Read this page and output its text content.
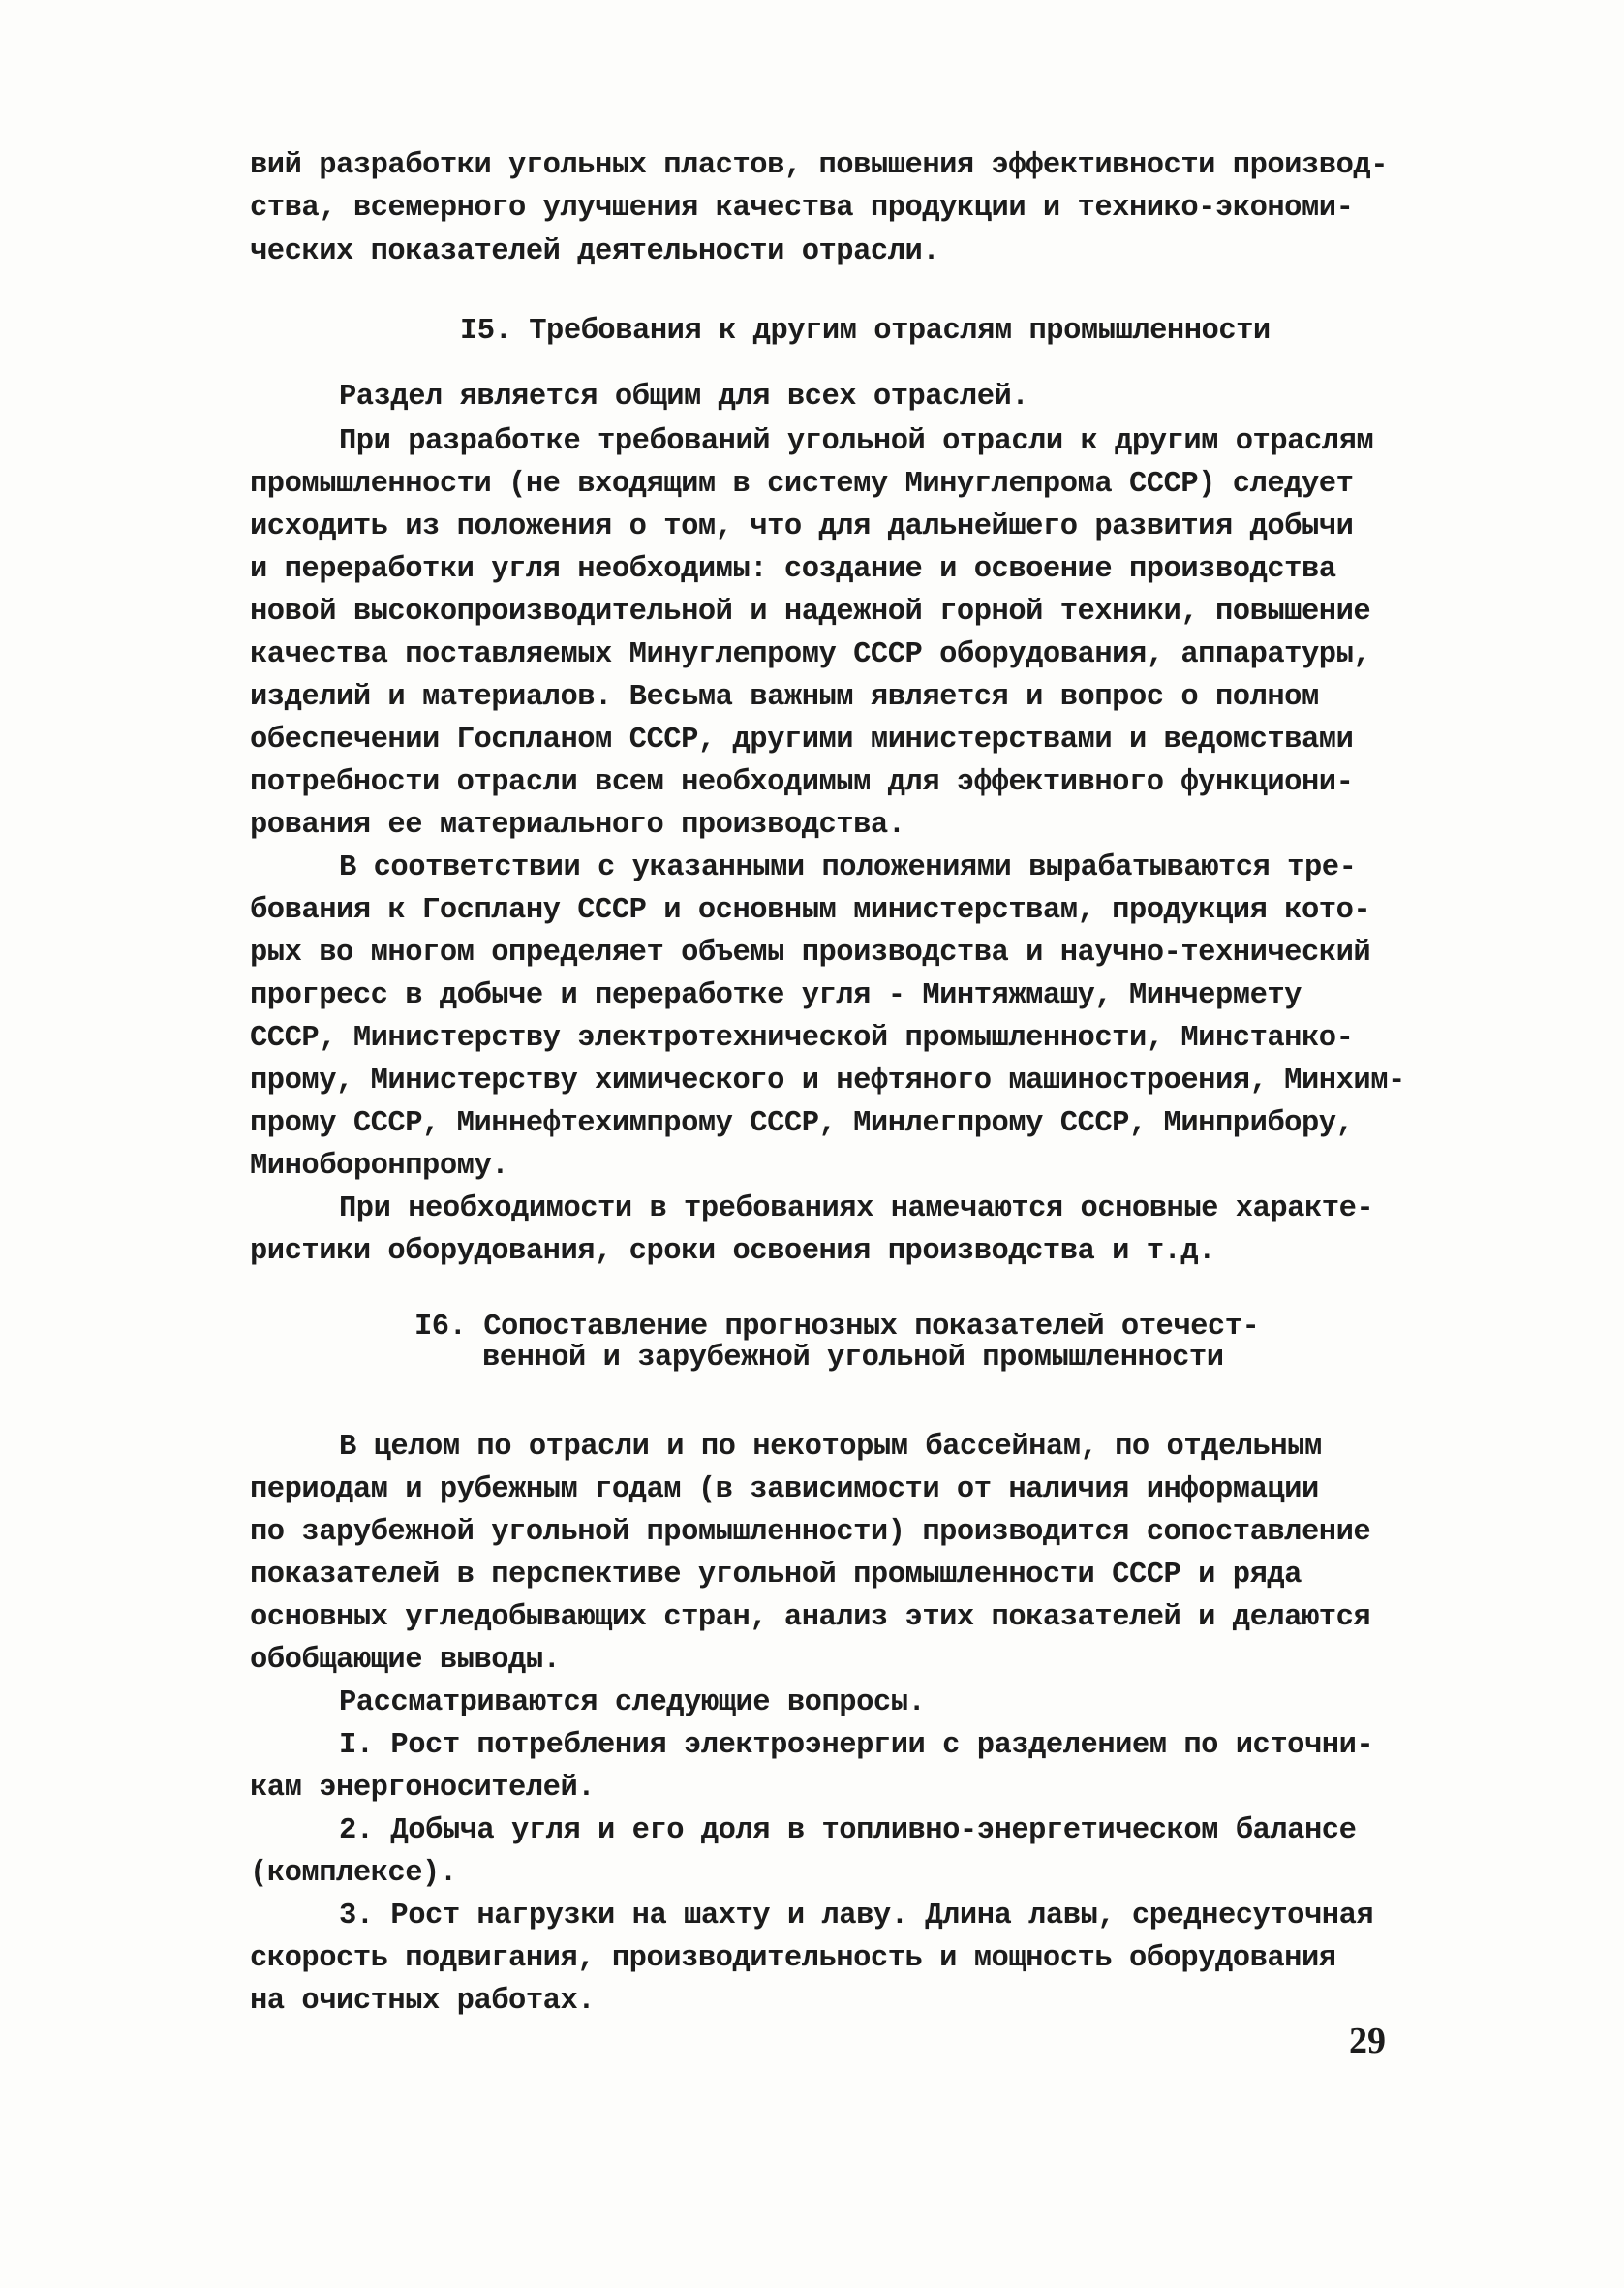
вий разработки угольных пластов, повышения эффективности производ-
ства, всемерного улучшения качества продукции и технико-экономи-
ческих показателей деятельности отрасли.
I5. Требования к другим отраслям промышленности
Раздел является общим для всех отраслей.
При разработке требований угольной отрасли к другим отраслям
промышленности (не входящим в систему Минуглепрома СССР) следует
исходить из положения о том, что для дальнейшего развития добычи
и переработки угля необходимы: создание и освоение производства
новой высокопроизводительной и надежной горной техники, повышение
качества поставляемых Минуглепрому СССР оборудования, аппаратуры,
изделий и материалов. Весьма важным является и вопрос о полном
обеспечении Госпланом СССР, другими министерствами и ведомствами
потребности отрасли всем необходимым для эффективного функциони-
рования ее материального производства.
В соответствии с указанными положениями вырабатываются тре-
бования к Госплану СССР и основным министерствам, продукция кото-
рых во многом определяет объемы производства и научно-технический
прогресс в добыче и переработке угля - Минтяжмашу, Минчермету
СССР, Министерству электротехнической промышленности, Минстанко-
прому, Министерству химического и нефтяного машиностроения, Минхим-
прому СССР, Миннефтехимпрому СССР, Минлегпрому СССР, Минприбору,
Минобоpонпрому.
При необходимости в требованиях намечаются основные характе-
ристики оборудования, сроки освоения производства и т.д.
I6. Сопоставление прогнозных показателей отечест-
венной и зарубежной угольной промышленности
В целом по отрасли и по некоторым бассейнам, по отдельным
периодам и рубежным годам (в зависимости от наличия информации
по зарубежной угольной промышленности) производится сопоставление
показателей в перспективе угольной промышленности СССР и ряда
основных угледобывающих стран, анализ этих показателей и делаются
обобщающие выводы.
Рассматриваются следующие вопросы.
I. Рост потребления электроэнергии с разделением по источни-
кам энергоносителей.
2. Добыча угля и его доля в топливно-энергетическом балансе
(комплексе).
3. Рост нагрузки на шахту и лаву. Длина лавы, среднесуточная
скорость подвигания, производительность и мощность оборудования
на очистных работах.
29
